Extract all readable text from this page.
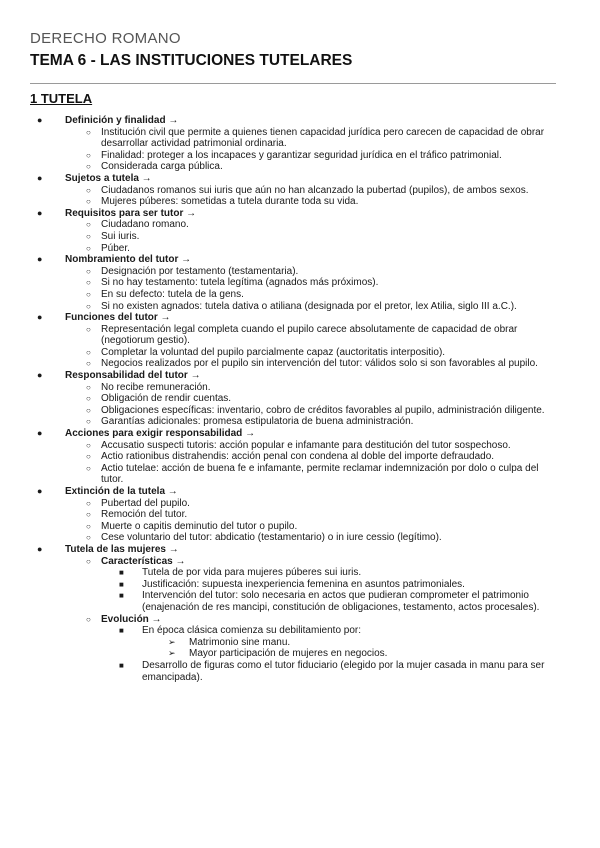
DERECHO ROMANO
TEMA 6 - LAS INSTITUCIONES TUTELARES
1 TUTELA
● Definición y finalidad →
○ Institución civil que permite a quienes tienen capacidad jurídica pero carecen de capacidad de obrar desarrollar actividad patrimonial ordinaria.
○ Finalidad: proteger a los incapaces y garantizar seguridad jurídica en el tráfico patrimonial.
○ Considerada carga pública.
● Sujetos a tutela →
○ Ciudadanos romanos sui iuris que aún no han alcanzado la pubertad (pupilos), de ambos sexos.
○ Mujeres púberes: sometidas a tutela durante toda su vida.
● Requisitos para ser tutor →
○ Ciudadano romano.
○ Sui iuris.
○ Púber.
● Nombramiento del tutor →
○ Designación por testamento (testamentaria).
○ Si no hay testamento: tutela legítima (agnados más próximos).
○ En su defecto: tutela de la gens.
○ Si no existen agnados: tutela dativa o atiliana (designada por el pretor, lex Atilia, siglo III a.C.).
● Funciones del tutor →
○ Representación legal completa cuando el pupilo carece absolutamente de capacidad de obrar (negotiorum gestio).
○ Completar la voluntad del pupilo parcialmente capaz (auctoritatis interpositio).
○ Negocios realizados por el pupilo sin intervención del tutor: válidos solo si son favorables al pupilo.
● Responsabilidad del tutor →
○ No recibe remuneración.
○ Obligación de rendir cuentas.
○ Obligaciones específicas: inventario, cobro de créditos favorables al pupilo, administración diligente.
○ Garantías adicionales: promesa estipulatoria de buena administración.
● Acciones para exigir responsabilidad →
○ Accusatio suspecti tutoris: acción popular e infamante para destitución del tutor sospechoso.
○ Actio rationibus distrahendis: acción penal con condena al doble del importe defraudado.
○ Actio tutelae: acción de buena fe e infamante, permite reclamar indemnización por dolo o culpa del tutor.
● Extinción de la tutela →
○ Pubertad del pupilo.
○ Remoción del tutor.
○ Muerte o capitis deminutio del tutor o pupilo.
○ Cese voluntario del tutor: abdicatio (testamentario) o in iure cessio (legítimo).
● Tutela de las mujeres →
○ Características →
■ Tutela de por vida para mujeres púberes sui iuris.
■ Justificación: supuesta inexperiencia femenina en asuntos patrimoniales.
■ Intervención del tutor: solo necesaria en actos que pudieran comprometer el patrimonio (enajenación de res mancipi, constitución de obligaciones, testamento, actos procesales).
○ Evolución →
■ En época clásica comienza su debilitamiento por:
➢ Matrimonio sine manu.
➢ Mayor participación de mujeres en negocios.
■ Desarrollo de figuras como el tutor fiduciario (elegido por la mujer casada in manu para ser emancipada).
